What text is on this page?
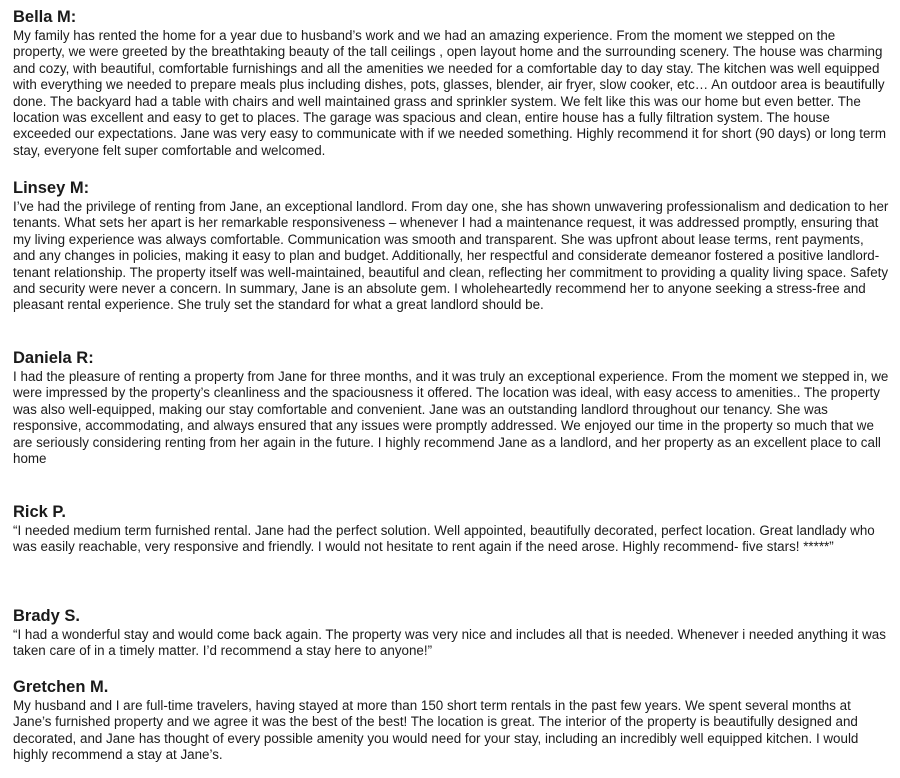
Bella M:

My family has rented the home for a year due to husband’s work and we had an amazing experience. From the moment we stepped on the property, we were greeted by the breathtaking beauty of the tall ceilings , open layout home and the surrounding scenery. The house was charming and cozy, with beautiful, comfortable furnishings and all the amenities we needed for a comfortable day to day stay. The kitchen was well equipped with everything we needed to prepare meals plus including dishes, pots, glasses, blender, air fryer, slow cooker, etc… An outdoor area is beautifully done. The backyard had a table with chairs and well maintained grass and sprinkler system. We felt like this was our home but even better. The location was excellent and easy to get to places. The garage was spacious and clean, entire house has a fully filtration system. The house exceeded our expectations. Jane was very easy to communicate with if we needed something. Highly recommend it for short (90 days) or long term stay, everyone felt super comfortable and welcomed.

Linsey M:

I’ve had the privilege of renting from Jane, an exceptional landlord. From day one, she has shown unwavering professionalism and dedication to her tenants. What sets her apart is her remarkable responsiveness – whenever I had a maintenance request, it was addressed promptly, ensuring that my living experience was always comfortable. Communication was smooth and transparent. She was upfront about lease terms, rent payments, and any changes in policies, making it easy to plan and budget. Additionally, her respectful and considerate demeanor fostered a positive landlord-tenant relationship. The property itself was well-maintained, beautiful and clean, reflecting her commitment to providing a quality living space. Safety and security were never a concern. In summary, Jane is an absolute gem. I wholeheartedly recommend her to anyone seeking a stress-free and pleasant rental experience. She truly set the standard for what a great landlord should be.

Daniela R:

I had the pleasure of renting a property from Jane for three months, and it was truly an exceptional experience. From the moment we stepped in, we were impressed by the property’s cleanliness and the spaciousness it offered. The location was ideal, with easy access to amenities.. The property was also well-equipped, making our stay comfortable and convenient. Jane was an outstanding landlord throughout our tenancy. She was responsive, accommodating, and always ensured that any issues were promptly addressed. We enjoyed our time in the property so much that we are seriously considering renting from her again in the future. I highly recommend Jane as a landlord, and her property as an excellent place to call home

Rick P.

“I needed medium term furnished rental. Jane had the perfect solution. Well appointed, beautifully decorated, perfect location. Great landlady who was easily reachable, very responsive and friendly. I would not hesitate to rent again if the need arose. Highly recommend- five stars! *****”

Brady S.

“I had a wonderful stay and would come back again. The property was very nice and includes all that is needed. Whenever i needed anything it was taken care of in a timely matter. I’d recommend a stay here to anyone!”

Gretchen M.

My husband and I are full-time travelers, having stayed at more than 150 short term rentals in the past few years. We spent several months at Jane’s furnished property and we agree it was the best of the best! The location is great. The interior of the property is beautifully designed and decorated, and Jane has thought of every possible amenity you would need for your stay, including an incredibly well equipped kitchen. I would highly recommend a stay at Jane’s.
